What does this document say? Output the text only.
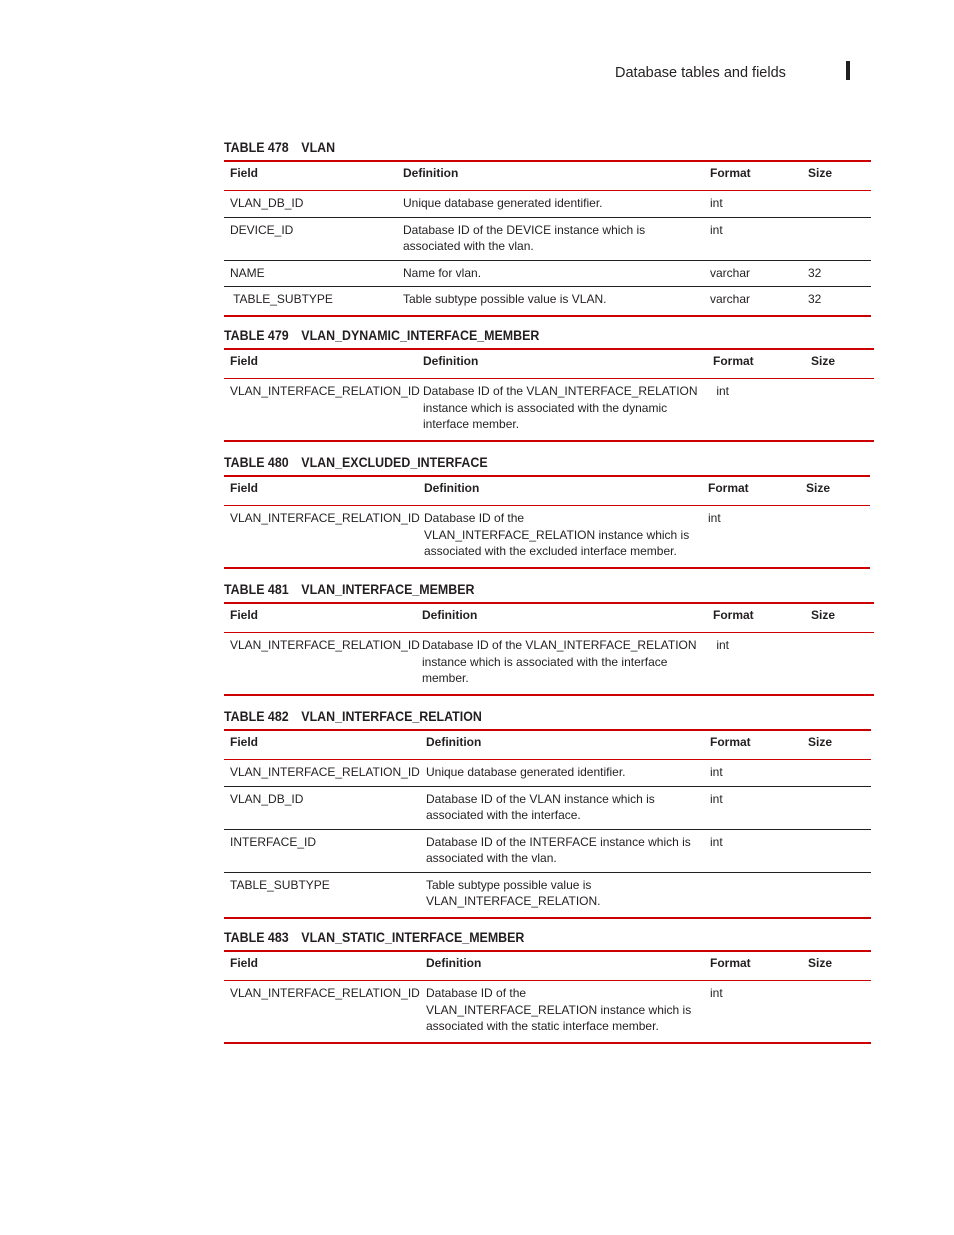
Database tables and fields
TABLE 478 VLAN
Field	Definition	Format	Size
VLAN_DB_ID	Unique database generated identifier.	int	
DEVICE_ID	Database ID of the DEVICE instance which is associated with the vlan.	int	
NAME	Name for vlan.	varchar	32
TABLE_SUBTYPE	Table subtype possible value is VLAN.	varchar	32
TABLE 479 VLAN_DYNAMIC_INTERFACE_MEMBER
Field	Definition	Format	Size
VLAN_INTERFACE_RELATION_ID	Database ID of the VLAN_INTERFACE_RELATION instance which is associated with the dynamic interface member.	int	
TABLE 480 VLAN_EXCLUDED_INTERFACE
Field	Definition	Format	Size
VLAN_INTERFACE_RELATION_ID	Database ID of the VLAN_INTERFACE_RELATION instance which is associated with the excluded interface member.	int	
TABLE 481 VLAN_INTERFACE_MEMBER
Field	Definition	Format	Size
VLAN_INTERFACE_RELATION_ID	Database ID of the VLAN_INTERFACE_RELATION instance which is associated with the interface member.	int	
TABLE 482 VLAN_INTERFACE_RELATION
Field	Definition	Format	Size
VLAN_INTERFACE_RELATION_ID	Unique database generated identifier.	int	
VLAN_DB_ID	Database ID of the VLAN instance which is associated with the interface.	int	
INTERFACE_ID	Database ID of the INTERFACE instance which is associated with the vlan.	int	
TABLE_SUBTYPE	Table subtype possible value is VLAN_INTERFACE_RELATION.		
TABLE 483 VLAN_STATIC_INTERFACE_MEMBER
Field	Definition	Format	Size
VLAN_INTERFACE_RELATION_ID	Database ID of the VLAN_INTERFACE_RELATION instance which is associated with the static interface member.	int	
